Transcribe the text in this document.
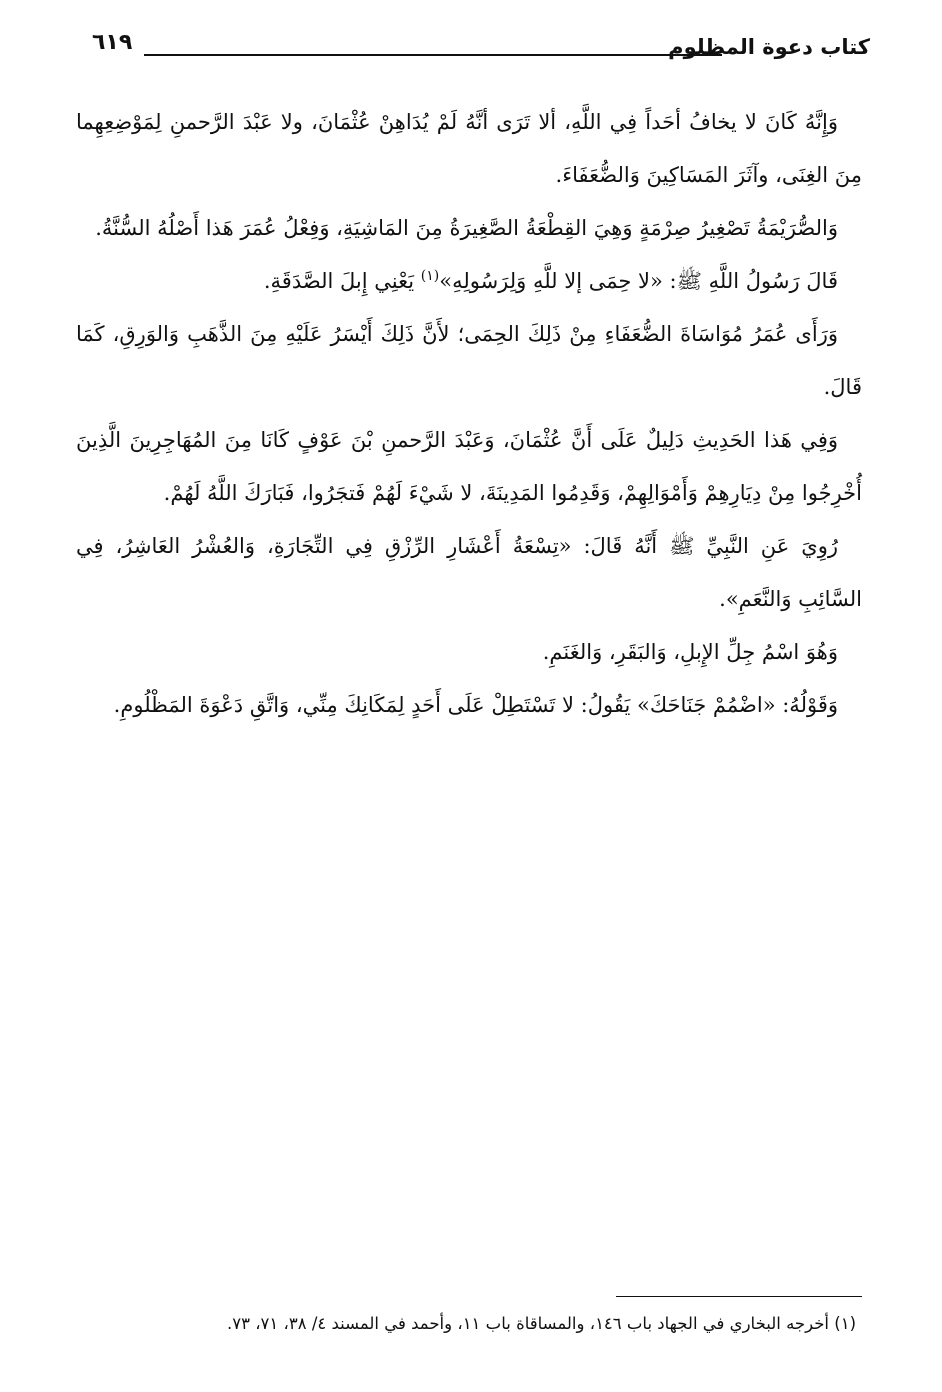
كتاب دعوة المظلوم
٦١٩

وَإِنَّهُ كَانَ لا يخافُ أحَداً فِي اللَّهِ، ألا تَرَى أنَّهُ لَمْ يُدَاهِنْ عُثْمَانَ، ولا عَبْدَ الرَّحمنِ لِمَوْضِعِهِما مِنَ الغِنَى، وآثَرَ المَسَاكِينَ وَالضُّعَفَاءَ.

وَالصُّرَيْمَةُ تَصْغِيرُ صِرْمَةٍ وَهِيَ القِطْعَةُ الصَّغِيرَةُ مِنَ المَاشِيَةِ، وَفِعْلُ عُمَرَ هَذا أَصْلُهُ السُّنَّةُ.

قَالَ رَسُولُ اللَّهِ ﷺ: «لا حِمَى إلا للَّهِ وَلِرَسُولِهِ»$^{(١)}$ يَعْنِي إِبلَ الصَّدَقَةِ.

وَرَأَى عُمَرُ مُوَاسَاةَ الضُّعَفَاءِ مِنْ ذَلِكَ الحِمَى؛ لأَنَّ ذَلِكَ أَيْسَرُ عَلَيْهِ مِنَ الذَّهَبِ وَالوَرِقِ، كَمَا قَالَ.

وَفِي هَذا الحَدِيثِ دَلِيلٌ عَلَى أَنَّ عُثْمَانَ، وَعَبْدَ الرَّحمنِ بْنَ عَوْفٍ كَانَا مِنَ المُهَاجِرِينَ الَّذِينَ أُخْرِجُوا مِنْ دِيَارِهِمْ وَأَمْوَالِهِمْ، وَقَدِمُوا المَدِينَةَ، لا شَيْءَ لَهُمْ فَتجَرُوا، فَبَارَكَ اللَّهُ لَهُمْ.

رُوِيَ عَنِ النَّبِيِّ ﷺ أَنَّهُ قَالَ: «تِسْعَةُ أَعْشَارِ الرِّزْقِ فِي التِّجَارَةِ، وَالعُشْرُ العَاشِرُ، فِي السَّائِبِ وَالنَّعَمِ».

وَهُوَ اسْمُ جِلِّ الإِبلِ، وَالبَقَرِ، وَالغَنَمِ.

وَقَوْلُهُ: «اضْمُمْ جَنَاحَكَ» يَقُولُ: لا تَسْتَطِلْ عَلَى أَحَدٍ لِمَكَانِكَ مِنِّي، وَاتَّقِ دَعْوَةَ المَظْلُومِ.

(١) أخرجه البخاري في الجهاد باب ١٤٦، والمساقاة باب ١١، وأحمد في المسند ٤/ ٣٨، ٧١، ٧٣.
